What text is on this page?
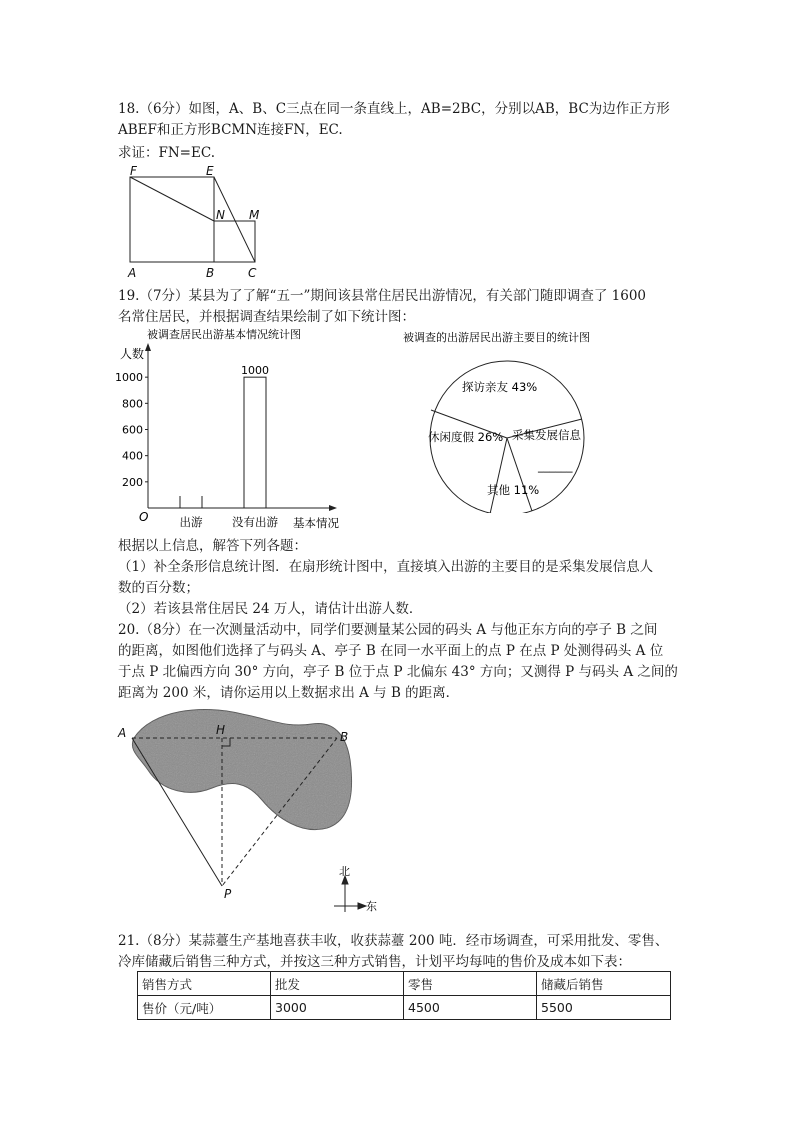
18.（6分）如图，A、B、C三点在同一条直线上，AB=2BC，分别以AB，BC为边作正方形
ABEF和正方形BCMN连接FN，EC.
求证：FN=EC.
F	E
N M
A	B	C
19.（7分）某县为了了解“五一”期间该县常住居民出游情况，有关部门随即调查了 1600
名常住居民，并根据调查结果绘制了如下统计图：
被调查居民出游基本情况统计图
人数
O
200
400
600
800
1000
出游
1000
没有出游 基本情况
被调查的出游居民出游主要目的统计图
探访亲友 43%
采集发展信息
其他 11%
休闲度假 26%
______
根据以上信息，解答下列各题：
（1）补全条形信息统计图．在扇形统计图中，直接填入出游的主要目的是采集发展信息人
数的百分数；
（2）若该县常住居民 24 万人，请估计出游人数．
20.（8分）在一次测量活动中，同学们要测量某公园的码头 A 与他正东方向的亭子 B 之间
的距离，如图他们选择了与码头 A、亭子 B 在同一水平面上的点 P 在点 P 处测得码头 A 位
于点 P 北偏西方向 30° 方向，亭子 B 位于点 P 北偏东 43° 方向；又测得 P 与码头 A 之间的
距离为 200 米，请你运用以上数据求出 A 与 B 的距离．
A	B
H
P
北
东
21.（8分）某蒜薹生产基地喜获丰收，收获蒜薹 200 吨．经市场调查，可采用批发、零售、
冷库储藏后销售三种方式，并按这三种方式销售，计划平均每吨的售价及成本如下表：
销售方式	批发	零售	储藏后销售
售价（元/吨）	3000	4500	5500
